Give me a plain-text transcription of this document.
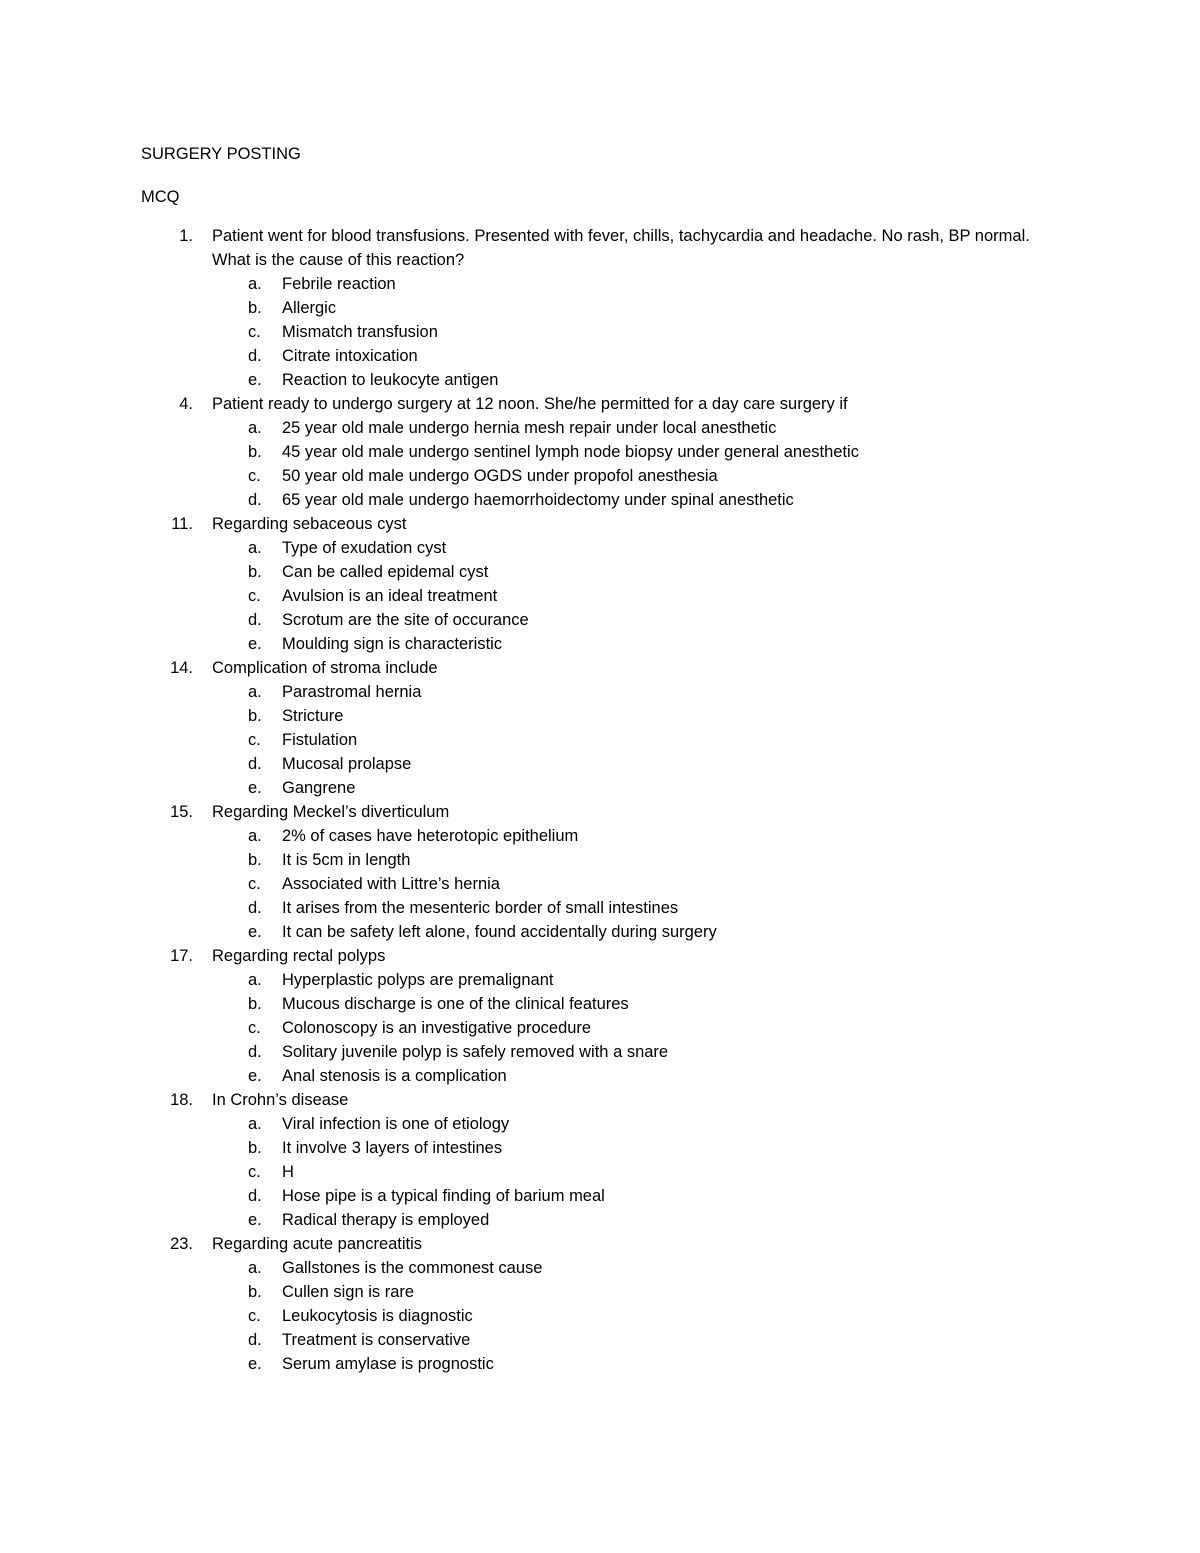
SURGERY POSTING
MCQ
1. Patient went for blood transfusions. Presented with fever, chills, tachycardia and headache. No rash, BP normal. What is the cause of this reaction?
a. Febrile reaction
b. Allergic
c. Mismatch transfusion
d. Citrate intoxication
e. Reaction to leukocyte antigen
4. Patient ready to undergo surgery at 12 noon. She/he permitted for a day care surgery if
a. 25 year old male undergo hernia mesh repair under local anesthetic
b. 45 year old male undergo sentinel lymph node biopsy under general anesthetic
c. 50 year old male undergo OGDS under propofol anesthesia
d. 65 year old male undergo haemorrhoidectomy under spinal anesthetic
11. Regarding sebaceous cyst
a. Type of exudation cyst
b. Can be called epidemal cyst
c. Avulsion is an ideal treatment
d. Scrotum are the site of occurance
e. Moulding sign is characteristic
14. Complication of stroma include
a. Parastromal hernia
b. Stricture
c. Fistulation
d. Mucosal prolapse
e. Gangrene
15. Regarding Meckel’s diverticulum
a. 2% of cases have heterotopic epithelium
b. It is 5cm in length
c. Associated with Littre’s hernia
d. It arises from the mesenteric border of small intestines
e. It can be safety left alone, found accidentally during surgery
17. Regarding rectal polyps
a. Hyperplastic polyps are premalignant
b. Mucous discharge is one of the clinical features
c. Colonoscopy is an investigative procedure
d. Solitary juvenile polyp is safely removed with a snare
e. Anal stenosis is a complication
18. In Crohn’s disease
a. Viral infection is one of etiology
b. It involve 3 layers of intestines
c. H
d. Hose pipe is a typical finding of barium meal
e. Radical therapy is employed
23. Regarding acute pancreatitis
a. Gallstones is the commonest cause
b. Cullen sign is rare
c. Leukocytosis is diagnostic
d. Treatment is conservative
e. Serum amylase is prognostic
